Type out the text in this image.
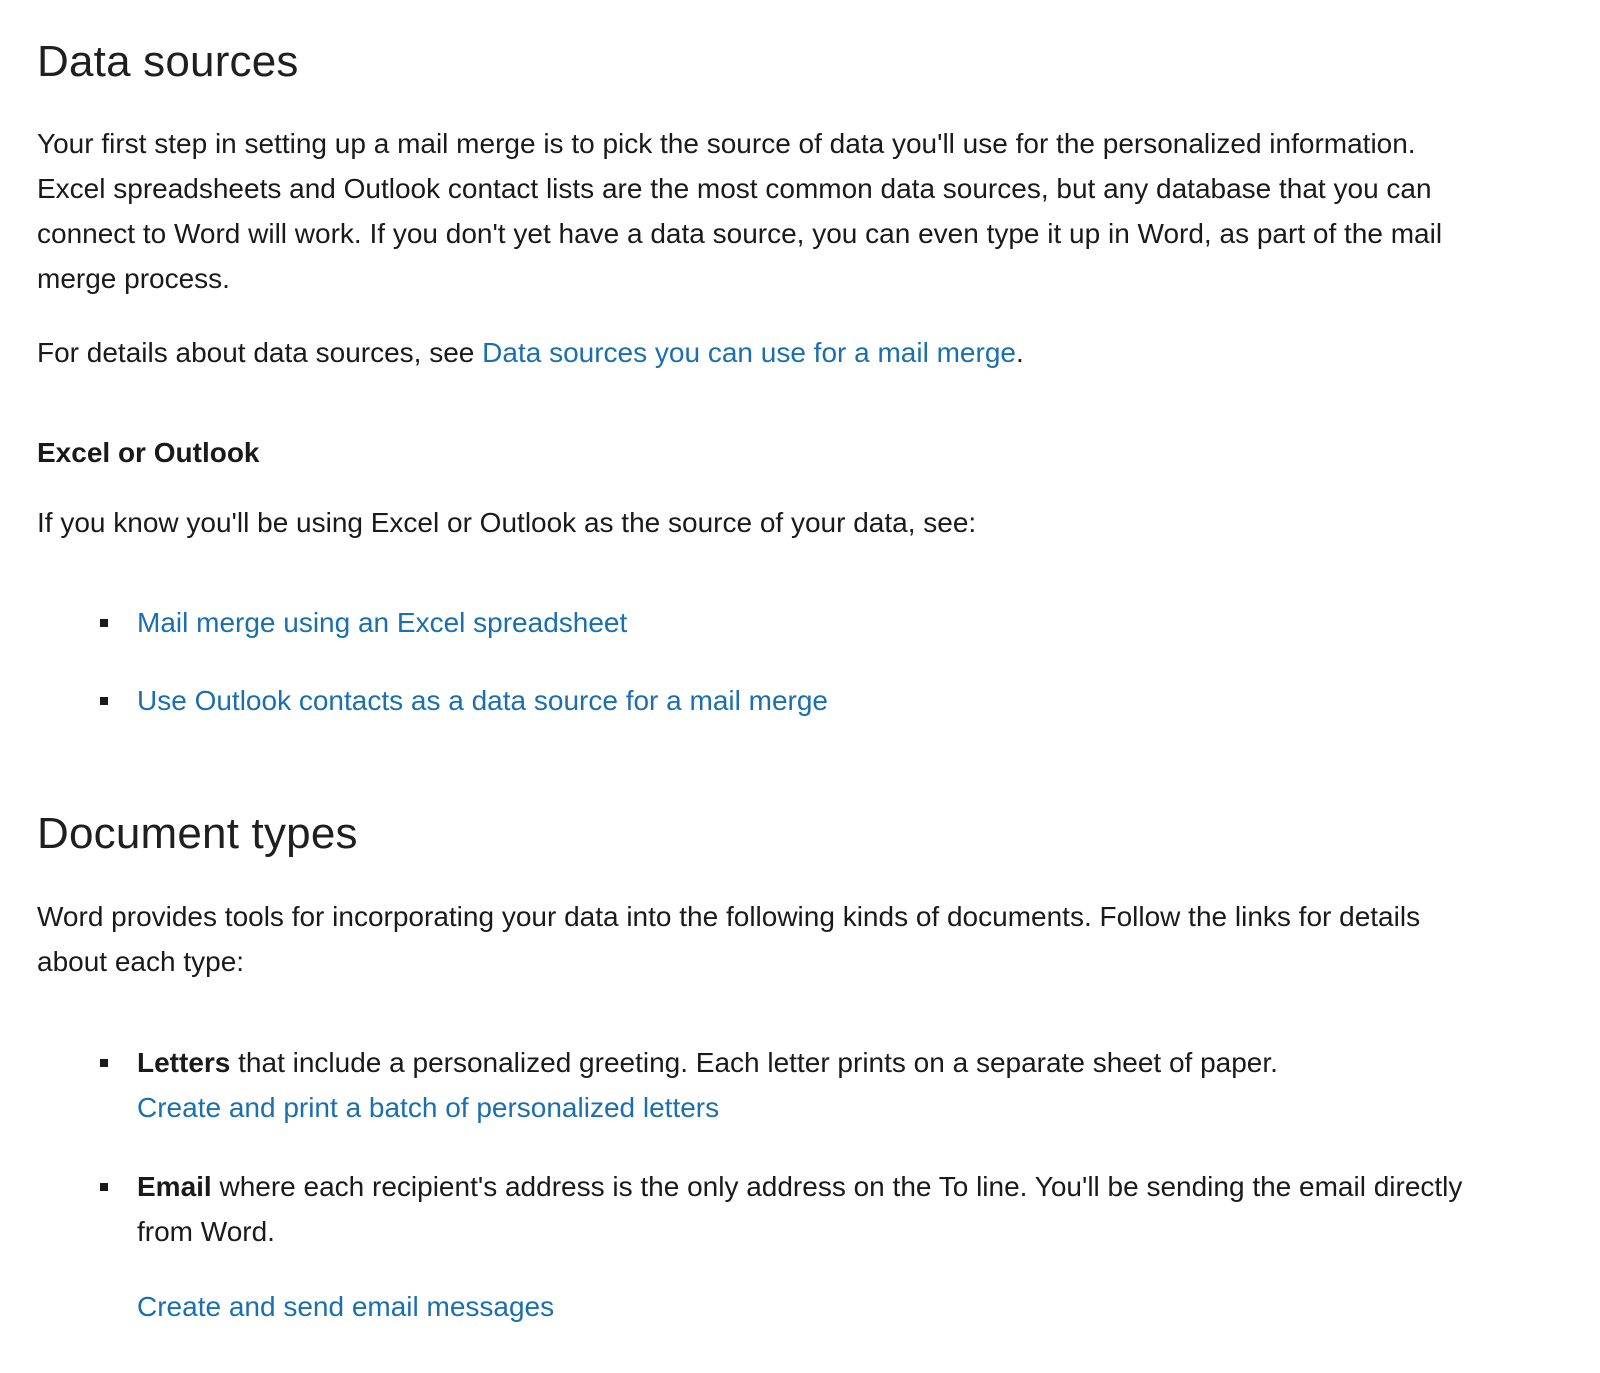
Data sources

Your first step in setting up a mail merge is to pick the source of data you'll use for the personalized information. Excel spreadsheets and Outlook contact lists are the most common data sources, but any database that you can connect to Word will work. If you don't yet have a data source, you can even type it up in Word, as part of the mail merge process.

For details about data sources, see Data sources you can use for a mail merge.

Excel or Outlook

If you know you'll be using Excel or Outlook as the source of your data, see:

Mail merge using an Excel spreadsheet
Use Outlook contacts as a data source for a mail merge
Document types

Word provides tools for incorporating your data into the following kinds of documents. Follow the links for details about each type:

Letters that include a personalized greeting. Each letter prints on a separate sheet of paper.
Create and print a batch of personalized letters
Email where each recipient's address is the only address on the To line. You'll be sending the email directly from Word.
Create and send email messages
